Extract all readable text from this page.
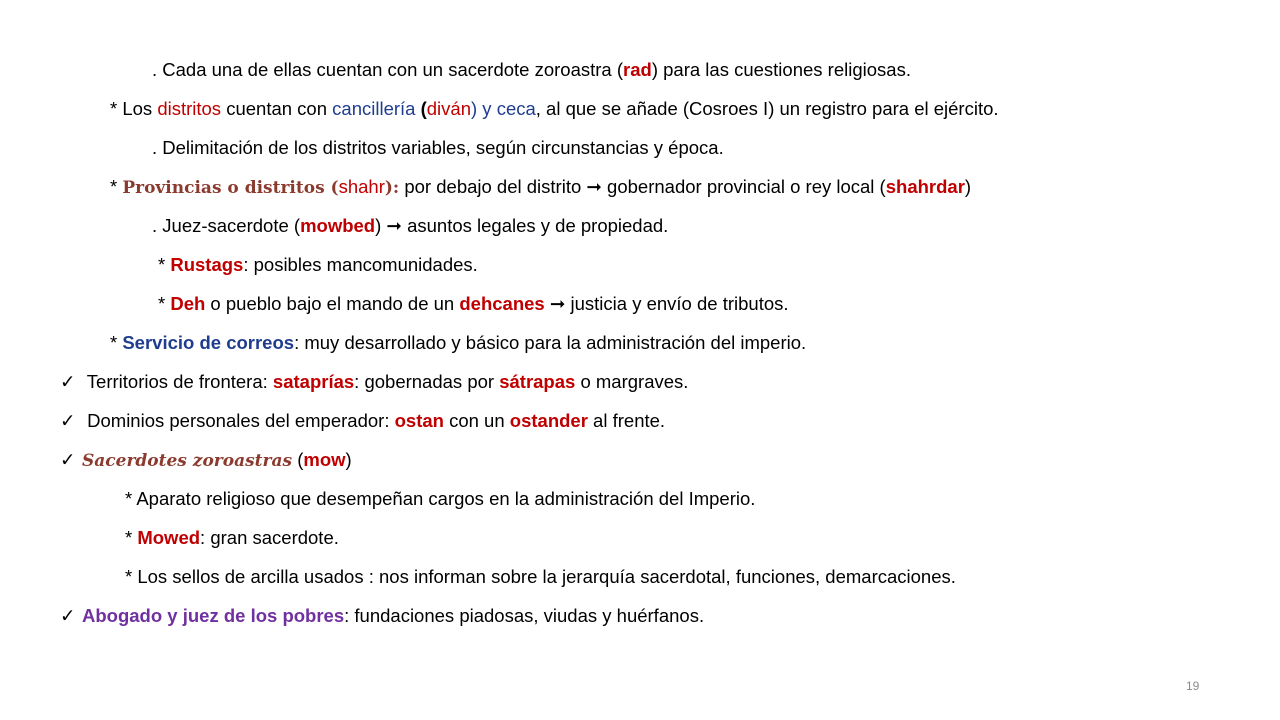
. Cada una de ellas cuentan con un sacerdote zoroastra (rad) para las cuestiones religiosas.
* Los distritos cuentan con cancillería (diván) y ceca, al que se añade (Cosroes I) un registro para el ejército.
. Delimitación de los distritos variables, según circunstancias y época.
* Provincias o distritos (shahr): por debajo del distrito ➞ gobernador provincial o rey local (shahrdar)
. Juez-sacerdote (mowbed) ➞ asuntos legales y de propiedad.
* Rustags: posibles mancomunidades.
* Deh o pueblo bajo el mando de un dehcanes ➞ justicia y envío de tributos.
* Servicio de correos: muy desarrollado y básico para la administración del imperio.
✓ Territorios de frontera: sataprías: gobernadas por sátrapas o margraves.
✓ Dominios personales del emperador: ostan con un ostander al frente.
✓ Sacerdotes zoroastras (mow)
* Aparato religioso que desempeñan cargos en la administración del Imperio.
* Mowed: gran sacerdote.
* Los sellos de arcilla usados : nos informan sobre la jerarquía sacerdotal, funciones, demarcaciones.
✓ Abogado y juez de los pobres: fundaciones piadosas, viudas y huérfanos.
19
